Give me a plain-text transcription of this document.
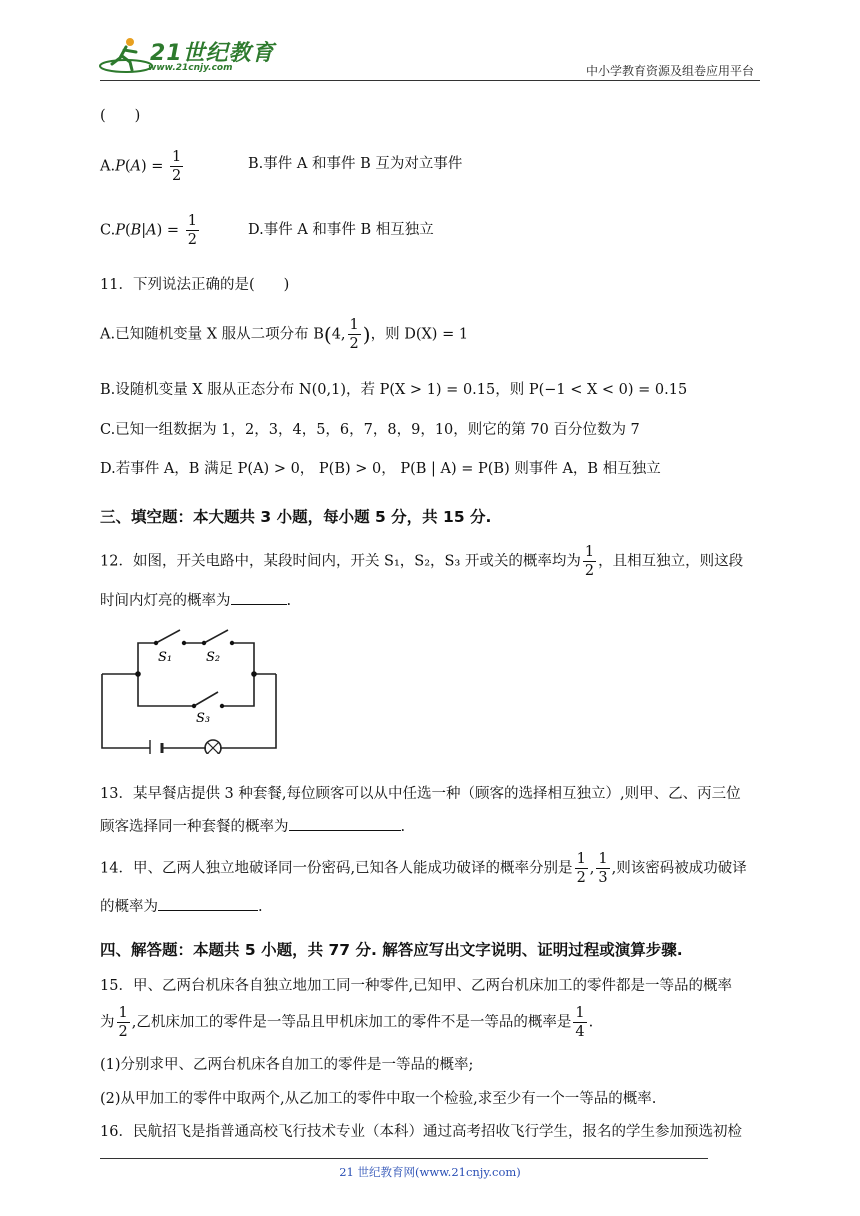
21世纪教育
www.21cnjy.com	中小学教育资源及组卷应用平台
(　　)
$A.P(A) = \frac{1}{2}$	B.事件 A 和事件 B 互为对立事件
$C.P(B|A) = \frac{1}{2}$	D.事件 A 和事件 B 相互独立
11．下列说法正确的是(　　)
A.已知随机变量 X 服从二项分布 B(4, $\frac{1}{2}$ )，则 D(X) = 1
B.设随机变量 X 服从正态分布 N(0,1)，若 P(X > 1) = 0.15，则 P(−1 < X < 0) = 0.15
C.已知一组数据为 1，2，3，4，5，6，7，8，9，10，则它的第 70 百分位数为 7
D.若事件 A，B 满足 P(A) > 0， P(B) > 0， P(B | A) = P(B) 则事件 A，B 相互独立
三、填空题：本大题共 3 小题，每小题 5 分，共 15 分.
12．如图，开关电路中，某段时间内，开关 S₁，S₂，S₃ 开或关的概率均为 $\frac{1}{2}$ ，且相互独立，则这段
时间内灯亮的概率为	.
S₁	S₂
S₃
13．某早餐店提供 3 种套餐,每位顾客可以从中任选一种（顾客的选择相互独立）,则甲、乙、丙三位
顾客选择同一种套餐的概率为	.
14．甲、乙两人独立地破译同一份密码,已知各人能成功破译的概率分别是 $\frac{1}{2}$ , $\frac{1}{3}$ ,则该密码被成功破译
的概率为	.
四、解答题：本题共 5 小题，共 77 分. 解答应写出文字说明、证明过程或演算步骤.
15．甲、乙两台机床各自独立地加工同一种零件,已知甲、乙两台机床加工的零件都是一等品的概率
为 $\frac{1}{2}$ ,乙机床加工的零件是一等品且甲机床加工的零件不是一等品的概率是 $\frac{1}{4}$ .
(1)分别求甲、乙两台机床各自加工的零件是一等品的概率;
(2)从甲加工的零件中取两个,从乙加工的零件中取一个检验,求至少有一个一等品的概率.
16．民航招飞是指普通高校飞行技术专业（本科）通过高考招收飞行学生，报名的学生参加预选初检
21 世纪教育网(www.21cnjy.com)
